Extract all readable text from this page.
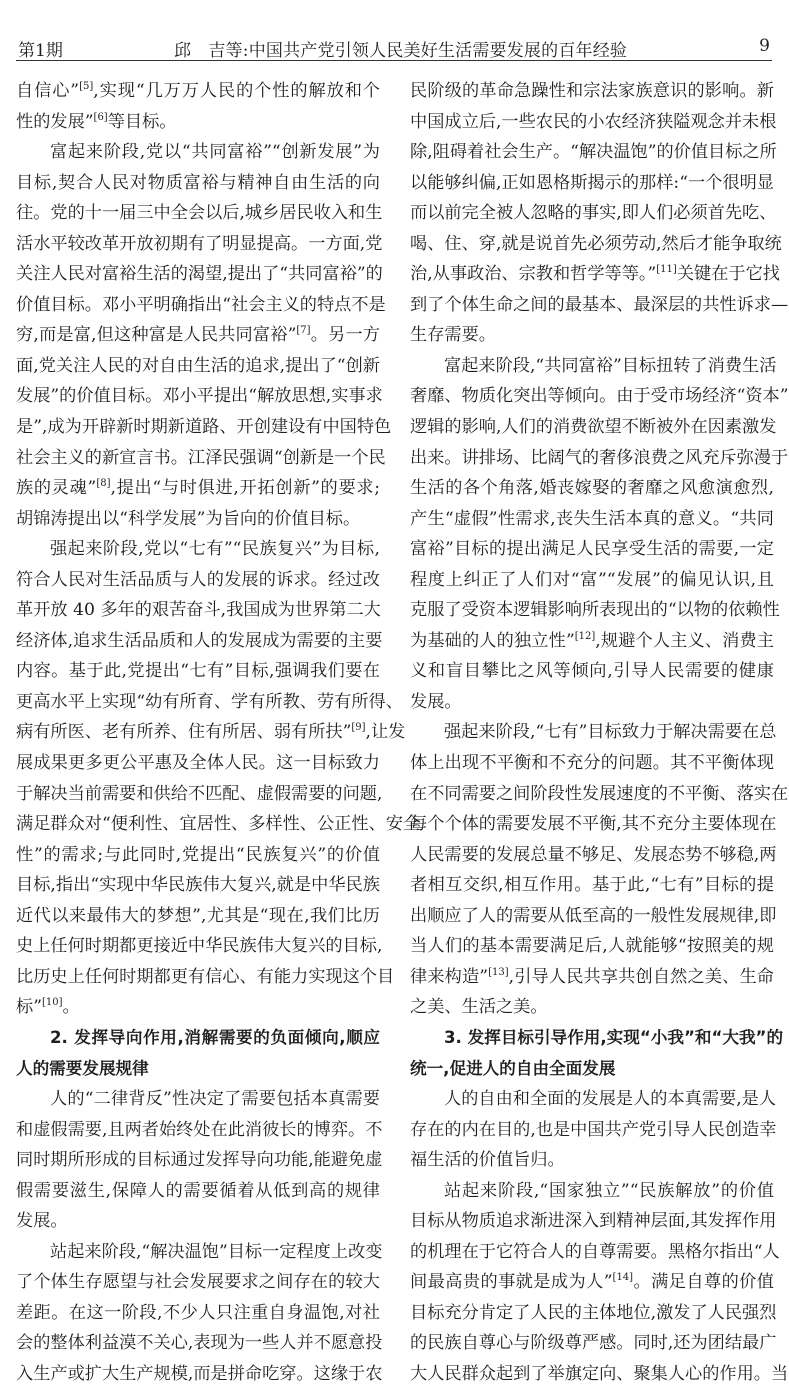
第1期	邱　吉等:中国共产党引领人民美好生活需要发展的百年经验	9
自信心”[5],实现“几万万人民的个性的解放和个
性的发展”[6]等目标。
富起来阶段,党以“共同富裕”“创新发展”为
目标,契合人民对物质富裕与精神自由生活的向
往。党的十一届三中全会以后,城乡居民收入和生
活水平较改革开放初期有了明显提高。一方面,党
关注人民对富裕生活的渴望,提出了“共同富裕”的
价值目标。邓小平明确指出“社会主义的特点不是
穷,而是富,但这种富是人民共同富裕”[7]。另一方
面,党关注人民的对自由生活的追求,提出了“创新
发展”的价值目标。邓小平提出“解放思想,实事求
是”,成为开辟新时期新道路、开创建设有中国特色
社会主义的新宣言书。江泽民强调“创新是一个民
族的灵魂”[8],提出“与时俱进,开拓创新”的要求;
胡锦涛提出以“科学发展”为旨向的价值目标。
强起来阶段,党以“七有”“民族复兴”为目标,
符合人民对生活品质与人的发展的诉求。经过改
革开放 40 多年的艰苦奋斗,我国成为世界第二大
经济体,追求生活品质和人的发展成为需要的主要
内容。基于此,党提出“七有”目标,强调我们要在
更高水平上实现“幼有所育、学有所教、劳有所得、
病有所医、老有所养、住有所居、弱有所扶”[9],让发
展成果更多更公平惠及全体人民。这一目标致力
于解决当前需要和供给不匹配、虚假需要的问题,
满足群众对“便利性、宜居性、多样性、公正性、安全
性”的需求;与此同时,党提出“民族复兴”的价值
目标,指出“实现中华民族伟大复兴,就是中华民族
近代以来最伟大的梦想”,尤其是“现在,我们比历
史上任何时期都更接近中华民族伟大复兴的目标,
比历史上任何时期都更有信心、有能力实现这个目
标”[10]。
2. 发挥导向作用,消解需要的负面倾向,顺应
人的需要发展规律
人的“二律背反”性决定了需要包括本真需要
和虚假需要,且两者始终处在此消彼长的博弈。不
同时期所形成的目标通过发挥导向功能,能避免虚
假需要滋生,保障人的需要循着从低到高的规律
发展。
站起来阶段,“解决温饱”目标一定程度上改变
了个体生存愿望与社会发展要求之间存在的较大
差距。在这一阶段,不少人只注重自身温饱,对社
会的整体利益漠不关心,表现为一些人并不愿意投
入生产或扩大生产规模,而是拼命吃穿。这缘于农
民阶级的革命急躁性和宗法家族意识的影响。新
中国成立后,一些农民的小农经济狭隘观念并未根
除,阻碍着社会生产。“解决温饱”的价值目标之所
以能够纠偏,正如恩格斯揭示的那样:“一个很明显
而以前完全被人忽略的事实,即人们必须首先吃、
喝、住、穿,就是说首先必须劳动,然后才能争取统
治,从事政治、宗教和哲学等等。”[11]关键在于它找
到了个体生命之间的最基本、最深层的共性诉求—
生存需要。
富起来阶段,“共同富裕”目标扭转了消费生活
奢靡、物质化突出等倾向。由于受市场经济“资本”
逻辑的影响,人们的消费欲望不断被外在因素激发
出来。讲排场、比阔气的奢侈浪费之风充斥弥漫于
生活的各个角落,婚丧嫁娶的奢靡之风愈演愈烈,
产生“虚假”性需求,丧失生活本真的意义。“共同
富裕”目标的提出满足人民享受生活的需要,一定
程度上纠正了人们对“富”“发展”的偏见认识,且
克服了受资本逻辑影响所表现出的“以物的依赖性
为基础的人的独立性”[12],规避个人主义、消费主
义和盲目攀比之风等倾向,引导人民需要的健康
发展。
强起来阶段,“七有”目标致力于解决需要在总
体上出现不平衡和不充分的问题。其不平衡体现
在不同需要之间阶段性发展速度的不平衡、落实在
每个个体的需要发展不平衡,其不充分主要体现在
人民需要的发展总量不够足、发展态势不够稳,两
者相互交织,相互作用。基于此,“七有”目标的提
出顺应了人的需要从低至高的一般性发展规律,即
当人们的基本需要满足后,人就能够“按照美的规
律来构造”[13],引导人民共享共创自然之美、生命
之美、生活之美。
3. 发挥目标引导作用,实现“小我”和“大我”的
统一,促进人的自由全面发展
人的自由和全面的发展是人的本真需要,是人
存在的内在目的,也是中国共产党引导人民创造幸
福生活的价值旨归。
站起来阶段,“国家独立”“民族解放”的价值
目标从物质追求渐进深入到精神层面,其发挥作用
的机理在于它符合人的自尊需要。黑格尔指出“人
间最高贵的事就是成为人”[14]。满足自尊的价值
目标充分肯定了人民的主体地位,激发了人民强烈
的民族自尊心与阶级尊严感。同时,还为团结最广
大人民群众起到了举旗定向、聚集人心的作用。当
